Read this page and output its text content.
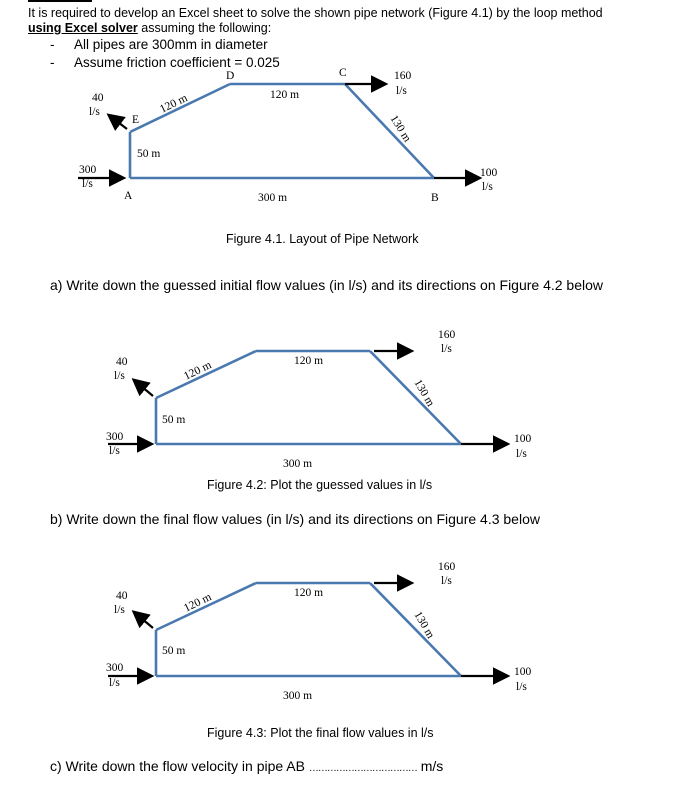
It is required to develop an Excel sheet to solve the shown pipe network (Figure 4.1) by the loop method
using Excel solver assuming the following:
- All pipes are 300mm in diameter
- Assume friction coefficient = 0.025
120 m
130 m
D	C
E
A	B
120 m
50 m
300 m
40
l/s
160
l/s
300
l/s
100
l/s
Figure 4.1. Layout of Pipe Network
a) Write down the guessed initial flow values (in l/s) and its directions on Figure 4.2 below
120 m
130 m
160
l/s
120 m
40
l/s
50 m
300
l/s
100
l/s
300 m
Figure 4.2: Plot the guessed values in l/s
b) Write down the final flow values (in l/s) and its directions on Figure 4.3 below
120 m
130 m
160
l/s
120 m
40
l/s
50 m
300
l/s
100
l/s
300 m
Figure 4.3: Plot the final flow values in l/s
c) Write down the flow velocity in pipe AB ……………………………… m/s
